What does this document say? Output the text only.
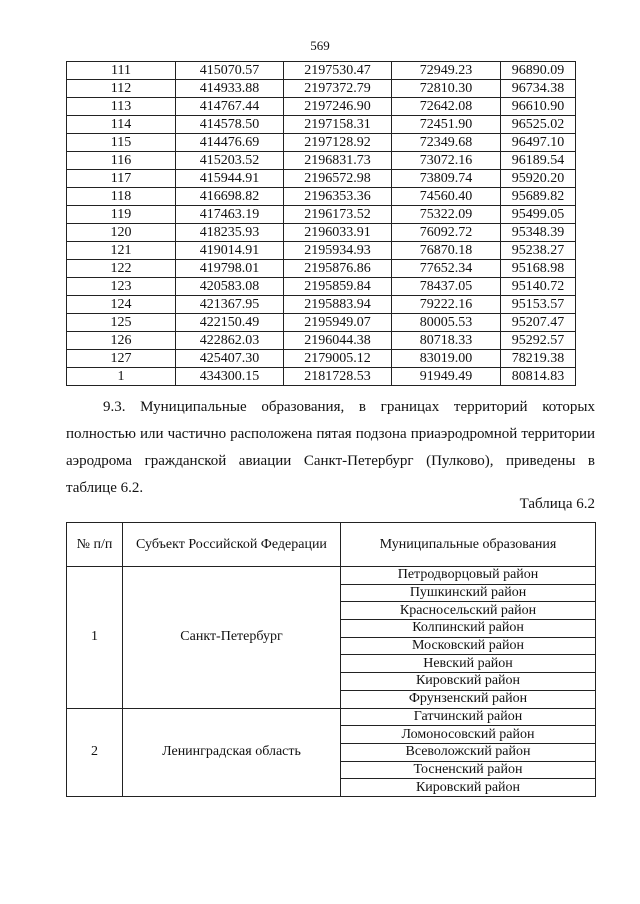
569
111	415070.57	2197530.47	72949.23	96890.09
112	414933.88	2197372.79	72810.30	96734.38
113	414767.44	2197246.90	72642.08	96610.90
114	414578.50	2197158.31	72451.90	96525.02
115	414476.69	2197128.92	72349.68	96497.10
116	415203.52	2196831.73	73072.16	96189.54
117	415944.91	2196572.98	73809.74	95920.20
118	416698.82	2196353.36	74560.40	95689.82
119	417463.19	2196173.52	75322.09	95499.05
120	418235.93	2196033.91	76092.72	95348.39
121	419014.91	2195934.93	76870.18	95238.27
122	419798.01	2195876.86	77652.34	95168.98
123	420583.08	2195859.84	78437.05	95140.72
124	421367.95	2195883.94	79222.16	95153.57
125	422150.49	2195949.07	80005.53	95207.47
126	422862.03	2196044.38	80718.33	95292.57
127	425407.30	2179005.12	83019.00	78219.38
1	434300.15	2181728.53	91949.49	80814.83
9.3. Муниципальные образования, в границах территорий которых
полностью или частично расположена пятая подзона приаэродромной территории
аэродрома гражданской авиации Санкт-Петербург (Пулково), приведены в
таблице 6.2.
Таблица 6.2
№ п/п	Субъект Российской Федерации	Муниципальные образования
1	Санкт-Петербург	Петродворцовый район
		Пушкинский район
		Красносельский район
		Колпинский район
		Московский район
		Невский район
		Кировский район
		Фрунзенский район
2	Ленинградская область	Гатчинский район
		Ломоносовский район
		Всеволожский район
		Тосненский район
		Кировский район
